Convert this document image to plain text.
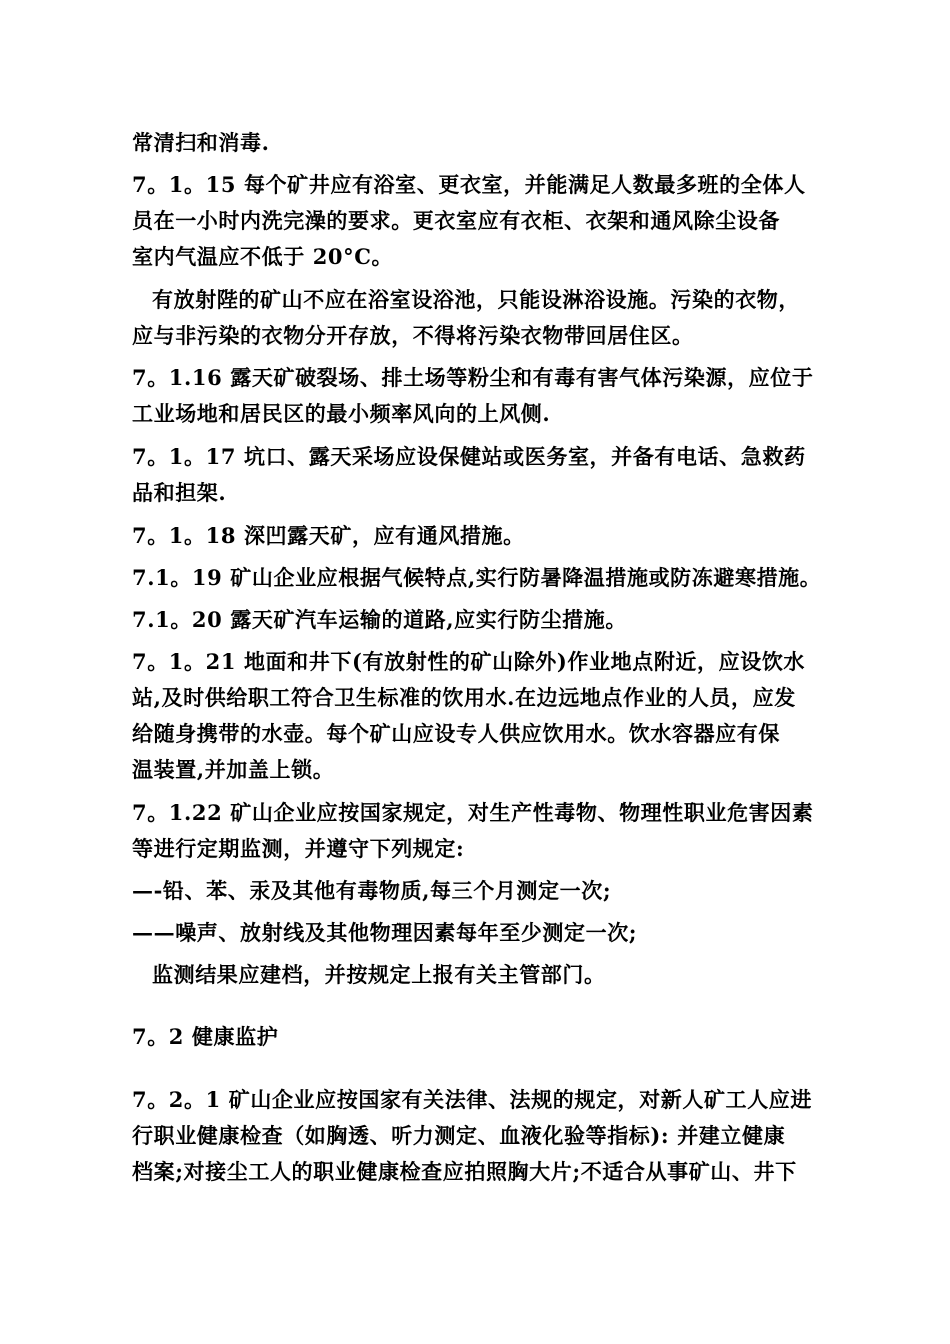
常清扫和消毒.
7。1。15 每个矿井应有浴室、更衣室，并能满足人数最多班的全体人
员在一小时内洗完澡的要求。更衣室应有衣柜、衣架和通风除尘设备
室内气温应不低于 20°C。
有放射陛的矿山不应在浴室设浴池，只能设淋浴设施。污染的衣物，
应与非污染的衣物分开存放，不得将污染衣物带回居住区。
7。1.16 露天矿破裂场、排土场等粉尘和有毒有害气体污染源，应位于
工业场地和居民区的最小频率风向的上风侧.
7。1。17 坑口、露天采场应设保健站或医务室，并备有电话、急救药
品和担架.
7。1。18 深凹露天矿，应有通风措施。
7.1。19 矿山企业应根据气候特点,实行防暑降温措施或防冻避寒措施。
7.1。20 露天矿汽车运输的道路,应实行防尘措施。
7。1。21 地面和井下(有放射性的矿山除外)作业地点附近，应设饮水
站,及时供给职工符合卫生标准的饮用水.在边远地点作业的人员，应发
给随身携带的水壶。每个矿山应设专人供应饮用水。饮水容器应有保
温装置,并加盖上锁。
7。1.22 矿山企业应按国家规定，对生产性毒物、物理性职业危害因素
等进行定期监测，并遵守下列规定:
—-铅、苯、汞及其他有毒物质,每三个月测定一次;
——噪声、放射线及其他物理因素每年至少测定一次;
监测结果应建档，并按规定上报有关主管部门。
7。2 健康监护
7。2。1 矿山企业应按国家有关法律、法规的规定，对新人矿工人应进
行职业健康检查（如胸透、听力测定、血液化验等指标): 并建立健康
档案;对接尘工人的职业健康检查应拍照胸大片;不适合从事矿山、井下
